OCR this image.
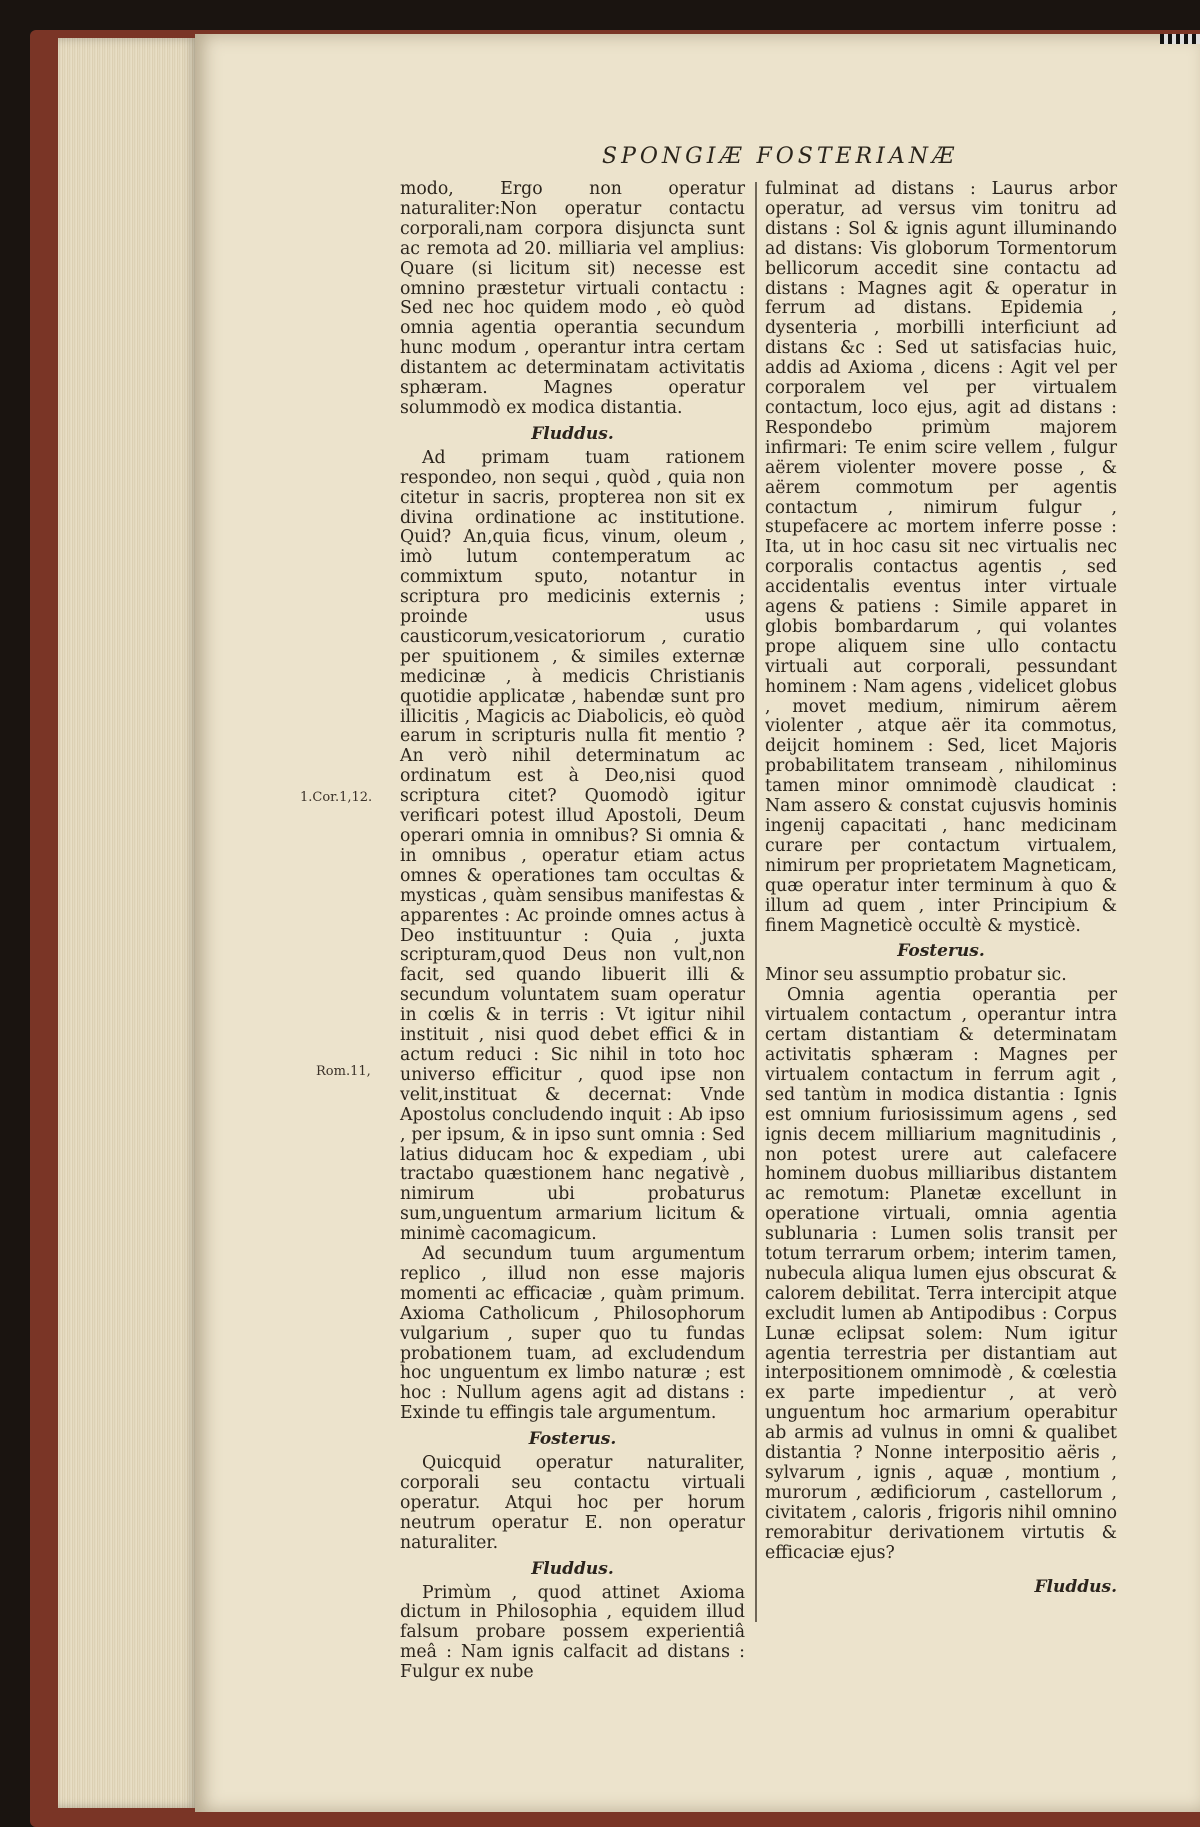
SPONGIÆ FOSTERIANÆ
1.Cor.1,12.
Rom.11,

modo, Ergo non operatur naturaliter:Non operatur contactu corporali,nam corpora disjuncta sunt ac remota ad 20. milliaria vel amplius: Quare (si licitum sit) necesse est omnino præstetur virtuali contactu : Sed nec hoc quidem modo , eò quòd omnia agentia operantia secundum hunc modum , operantur intra certam distantem ac determinatam activitatis sphæram. Magnes operatur solummodò ex modica distantia.

Fluddus.

Ad primam tuam rationem respondeo, non sequi , quòd , quia non citetur in sacris, propterea non sit ex divina ordinatione ac institutione. Quid? An,quia ficus, vinum, oleum , imò lutum contemperatum ac commixtum sputo, notantur in scriptura pro medicinis externis ; proinde usus causticorum,vesicatoriorum , curatio per spuitionem , & similes externæ medicinæ , à medicis Christianis quotidie applicatæ , habendæ sunt pro illicitis , Magicis ac Diabolicis, eò quòd earum in scripturis nulla fit mentio ? An verò nihil determinatum ac ordinatum est à Deo,nisi quod scriptura citet? Quomodò igitur verificari potest illud Apostoli, Deum operari omnia in omnibus? Si omnia & in omnibus , operatur etiam actus omnes & operationes tam occultas & mysticas , quàm sensibus manifestas & apparentes : Ac proinde omnes actus à Deo instituuntur : Quia , juxta scripturam,quod Deus non vult,non facit, sed quando libuerit illi & secundum voluntatem suam operatur in cœlis & in terris : Vt igitur nihil instituit , nisi quod debet effici & in actum reduci : Sic nihil in toto hoc universo efficitur , quod ipse non velit,instituat & decernat: Vnde Apostolus concludendo inquit : Ab ipso , per ipsum, & in ipso sunt omnia : Sed latius diducam hoc & expediam , ubi tractabo quæstionem hanc negativè , nimirum ubi probaturus sum,unguentum armarium licitum & minimè cacomagicum.

Ad secundum tuum argumentum replico , illud non esse majoris momenti ac efficaciæ , quàm primum. Axioma Catholicum , Philosophorum vulgarium , super quo tu fundas probationem tuam, ad excludendum hoc unguentum ex limbo naturæ ; est hoc : Nullum agens agit ad distans : Exinde tu effingis tale argumentum.

Fosterus.

Quicquid operatur naturaliter, corporali seu contactu virtuali operatur. Atqui hoc per horum neutrum operatur E. non operatur naturaliter.

Fluddus.

Primùm , quod attinet Axioma dictum in Philosophia , equidem illud falsum probare possem experientiâ meâ : Nam ignis calfacit ad distans : Fulgur ex nube

fulminat ad distans : Laurus arbor operatur, ad versus vim tonitru ad distans : Sol & ignis agunt illuminando ad distans: Vis globorum Tormentorum bellicorum accedit sine contactu ad distans : Magnes agit & operatur in ferrum ad distans. Epidemia , dysenteria , morbilli interficiunt ad distans &c : Sed ut satisfacias huic, addis ad Axioma , dicens : Agit vel per corporalem vel per virtualem contactum, loco ejus, agit ad distans : Respondebo primùm majorem infirmari: Te enim scire vellem , fulgur aërem violenter movere posse , & aërem commotum per agentis contactum , nimirum fulgur , stupefacere ac mortem inferre posse : Ita, ut in hoc casu sit nec virtualis nec corporalis contactus agentis , sed accidentalis eventus inter virtuale agens & patiens : Simile apparet in globis bombardarum , qui volantes prope aliquem sine ullo contactu virtuali aut corporali, pessundant hominem : Nam agens , videlicet globus , movet medium, nimirum aërem violenter , atque aër ita commotus, deijcit hominem : Sed, licet Majoris probabilitatem transeam , nihilominus tamen minor omnimodè claudicat : Nam assero & constat cujusvis hominis ingenij capacitati , hanc medicinam curare per contactum virtualem, nimirum per proprietatem Magneticam, quæ operatur inter terminum à quo & illum ad quem , inter Principium & finem Magneticè occultè & mysticè.

Fosterus.

Minor seu assumptio probatur sic.

Omnia agentia operantia per virtualem contactum , operantur intra certam distantiam & determinatam activitatis sphæram : Magnes per virtualem contactum in ferrum agit , sed tantùm in modica distantia : Ignis est omnium furiosissimum agens , sed ignis decem milliarium magnitudinis , non potest urere aut calefacere hominem duobus milliaribus distantem ac remotum: Planetæ excellunt in operatione virtuali, omnia agentia sublunaria : Lumen solis transit per totum terrarum orbem; interim tamen, nubecula aliqua lumen ejus obscurat & calorem debilitat. Terra intercipit atque excludit lumen ab Antipodibus : Corpus Lunæ eclipsat solem: Num igitur agentia terrestria per distantiam aut interpositionem omnimodè , & cœlestia ex parte impedientur , at verò unguentum hoc armarium operabitur ab armis ad vulnus in omni & qualibet distantia ? Nonne interpositio aëris , sylvarum , ignis , aquæ , montium , murorum , ædificiorum , castellorum , civitatem , caloris , frigoris nihil omnino remorabitur derivationem virtutis & efficaciæ ejus?

Fluddus.
